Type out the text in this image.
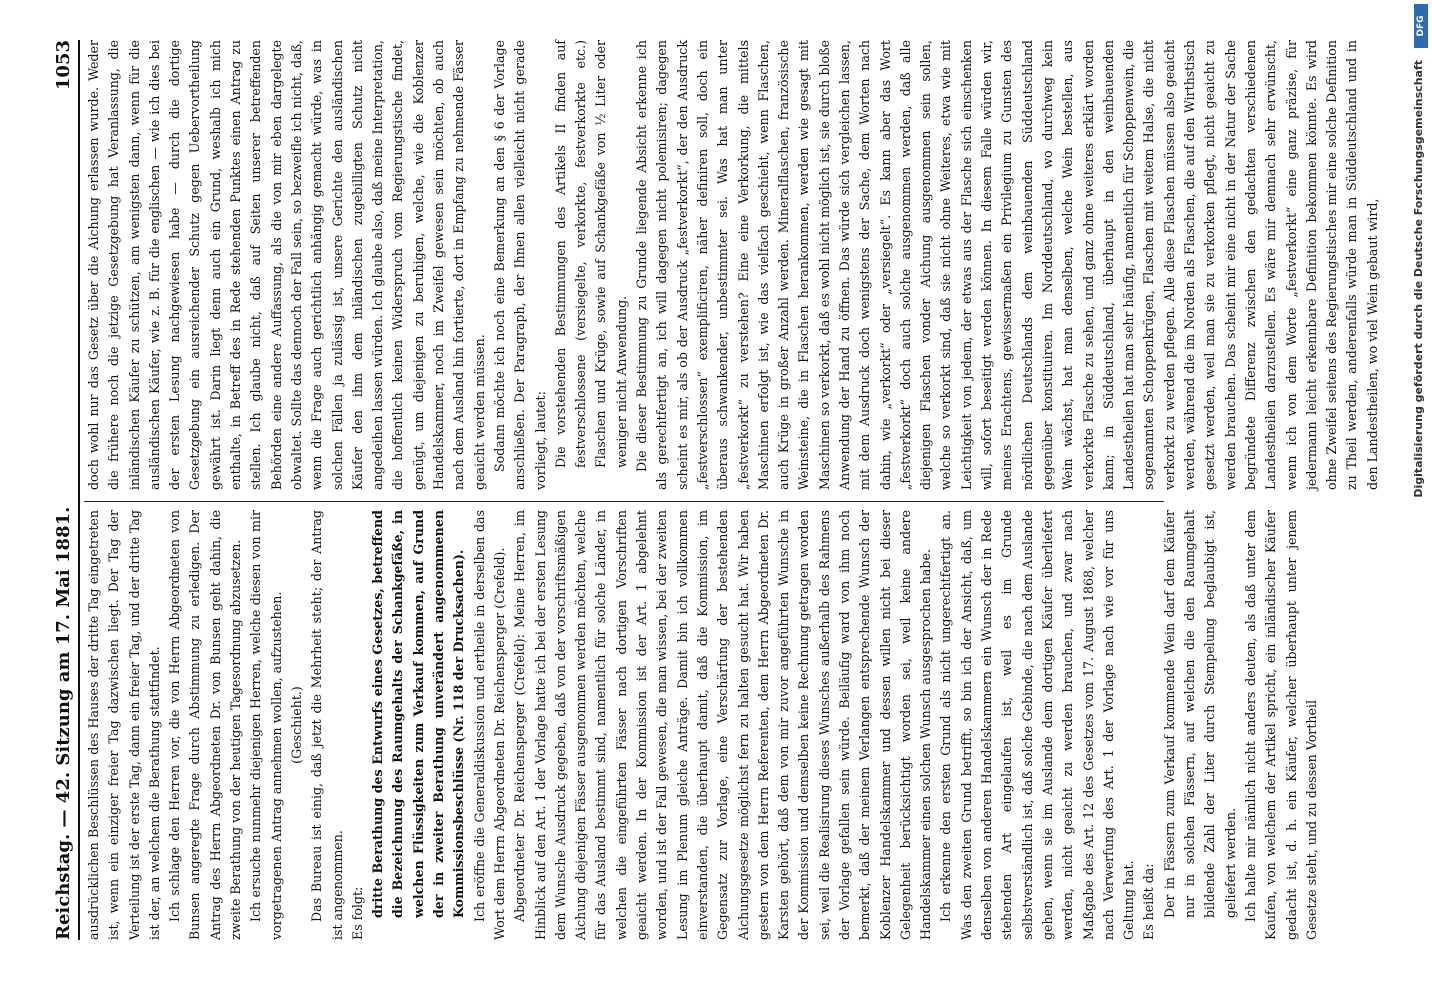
Reichstag. — 42. Sitzung am 17. Mai 1881.
1053

ausdrücklichen Beschlüssen des Hauses der dritte Tag eingetreten ist, wenn ein einziger freier Tag dazwischen liegt. Der Tag der Verteilung ist der erste Tag, dann ein freier Tag, und der dritte Tag ist der, an welchem die Berathung stattfindet. Ich schlage den Herren vor, die von Herrn Abgeordneten von Bunsen angeregte Frage durch Abstimmung zu erledigen. Der Antrag des Herrn Abgeordneten Dr. von Bunsen geht dahin, die zweite Berathung von der heutigen Tagesordnung abzusetzen. Ich ersuche nunmehr diejenigen Herren, welche diesen von mir vorgetragenen Antrag annehmen wollen, aufzustehen. (Geschieht.) Das Bureau ist einig, daß jetzt die Mehrheit steht; der Antrag ist angenommen. Es folgt: dritte Berathung des Entwurfs eines Gesetzes, betreffend die Bezeichnung des Raumgehalts der Schankgefäße, in welchen Flüssigkeiten zum Verkauf kommen, auf Grund der in zweiter Berathung unverändert angenommenen Kommissionsbeschlüsse (Nr. 118 der Drucksachen). Ich eröffne die Generaldiskussion und ertheile in derselben das Wort dem Herrn Abgeordneten Dr. Reichensperger (Crefeld). Abgeordneter Dr. Reichensperger (Crefeld): Meine Herren, im Hinblick auf den Art. 1 der Vorlage hatte ich bei der ersten Lesung dem Wunsche Ausdruck gegeben, daß von der vorschriftsmäßigen Aichung diejenigen Fässer ausgenommen werden möchten, welche für das Ausland bestimmt sind, namentlich für solche Länder, in welchen die eingeführten Fässer nach dortigen Vorschriften geaicht werden. In der Kommission ist der Art. 1 abgelehnt worden, und ist der Fall gewesen, die man wissen, bei der zweiten Lesung im Plenum gleiche Anträge. Damit bin ich vollkommen einverstanden, die überhaupt damit, daß die Kommission, im Gegensatz zur Vorlage, eine Verschärfung der bestehenden Aichungsgesetze möglichst fern zu halten gesucht hat. Wir haben gestern von dem Herrn Referenten, dem Herrn Abgeordneten Dr. Karsten gehört, daß dem von mir zuvor angeführten Wunsche in der Kommission und demselben keine Rechnung getragen worden sei, weil die Realisirung dieses Wunsches außerhalb des Rahmens der Vorlage gefallen sein würde. Beiläufig ward von ihm noch bemerkt, daß der meinem Verlangen entsprechende Wunsch der Koblenzer Handelskammer und dessen willen nicht bei dieser Gelegenheit berücksichtigt worden sei, weil keine andere Handelskammer einen solchen Wunsch ausgesprochen habe. Ich erkenne den ersten Grund als nicht ungerechtfertigt an. Was den zweiten Grund betrifft, so bin ich der Ansicht, daß, um denselben von anderen Handelskammern ein Wunsch der in Rede stehenden Art eingelaufen ist, weil es im Grunde selbstverständlich ist, daß solche Gebinde, die nach dem Auslande gehen, wenn sie im Auslande dem dortigen Käufer überliefert werden, nicht geaicht zu werden brauchen, und zwar nach Maßgabe des Art. 12 des Gesetzes vom 17. August 1868, welcher nach Verwerfung des Art. 1 der Vorlage nach wie vor für uns Geltung hat. Es heißt da: Der in Fässern zum Verkauf kommende Wein darf dem Käufer nur in solchen Fässern, auf welchen die den Raumgehalt bildende Zahl der Liter durch Stempelung beglaubigt ist, geliefert werden. Ich halte mir nämlich nicht anders deuten, als daß unter dem Kaufen, von welchem der Artikel spricht, ein inländischer Käufer gedacht ist, d. h. ein Käufer, welcher überhaupt unter jenem Gesetze steht, und zu dessen Vortheil

doch wohl nur das Gesetz über die Aichung erlassen wurde. Weder die frühere noch die jetzige Gesetzgebung hat Veranlassung, die inländischen Käufer zu schützen, am wenigsten dann, wenn für die ausländischen Käufer, wie z. B. für die englischen — wie ich dies bei der ersten Lesung nachgewiesen habe — durch die dortige Gesetzgebung ein ausreichender Schutz gegen Uebervortheilung gewährt ist. Darin liegt denn auch ein Grund, weshalb ich mich enthalte, in Betreff des in Rede stehenden Punktes einen Antrag zu stellen. Ich glaube nicht, daß auf Seiten unserer betreffenden Behörden eine andere Auffassung, als die von mir eben dargelegte obwaltet. Sollte das dennoch der Fall sein, so bezweifle ich nicht, daß, wenn die Frage auch gerichtlich anhängig gemacht würde, was in solchen Fällen ja zulässig ist, unsere Gerichte den ausländischen Käufer den ihm dem inländischen zugebilligten Schutz nicht angedeihen lassen würden. Ich glaube also, daß meine Interpretation, die hoffentlich keinen Widerspruch vom Regierungstische findet, genügt, um diejenigen zu beruhigen, welche, wie die Koblenzer Handelskammer, noch im Zweifel gewesen sein möchten, ob auch nach dem Ausland hin fortierte, dort in Empfang zu nehmende Fässer geaicht werden müssen. Sodann möchte ich noch eine Bemerkung an den § 6 der Vorlage anschließen. Der Paragraph, der Ihnen allen vielleicht nicht gerade vorliegt, lautet: Die vorstehenden Bestimmungen des Artikels II finden auf festverschlossene (versiegelte, verkorkte, festverkorkte etc.) Flaschen und Krüge, sowie auf Schankgefäße von ½ Liter oder weniger nicht Anwendung. Die dieser Bestimmung zu Grunde liegende Absicht erkenne ich als gerechtfertigt an, ich will dagegen nicht polemisiren; dagegen scheint es mir, als ob der Ausdruck „festverkorkt“, der den Ausdruck „festverschlossen“ exemplificiren, näher definiren soll, doch ein überaus schwankender, unbestimmter sei. Was hat man unter „festverkorkt“ zu verstehen? Eine eine Verkorkung, die mittels Maschinen erfolgt ist, wie das vielfach geschieht, wenn Flaschen, auch Krüge in großer Anzahl werden. Mineralflaschen, französische Weinsteine, die in Flaschen herankommen, werden wie gesagt mit Maschinen so verkorkt, daß es wohl nicht möglich ist, sie durch bloße Anwendung der Hand zu öffnen. Das würde sich vergleichen lassen, mit dem Ausdruck doch wenigstens der Sache, dem Worten nach dahin, wie „verkorkt“ oder „versiegelt“. Es kann aber das Wort „festverkorkt“ doch auch solche ausgenommen werden, daß alle diejenigen Flaschen vonder Aichung ausgenommen sein sollen, welche so verkorkt sind, daß sie nicht ohne Weiteres, etwa wie mit Leichtigkeit von jedem, der etwas aus der Flasche sich einschenken will, sofort beseitigt werden können. In diesem Falle würden wir, meines Erachtens, gewissermaßen ein Privilegium zu Gunsten des nördlichen Deutschlands dem weinbauenden Süddeutschland gegenüber konstituiren. Im Norddeutschland, wo durchweg kein Wein wächst, hat man denselben, welche Wein bestellen, aus verkorkte Flasche zu sehen, und ganz ohne weiteres erklärt worden kann; in Süddeutschland, überhaupt in den weinbauenden Landestheilen hat man sehr häufig, namentlich für Schoppenwein, die sogenannten Schoppenkrügen, Flaschen mit weitem Halse, die nicht verkorkt zu werden pflegen. Alle diese Flaschen müssen also geaicht werden, während die im Norden als Flaschen, die auf den Wirthstisch gesetzt werden, weil man sie zu verkorken pflegt, nicht geaicht zu werden brauchen. Das scheint mir eine nicht in der Natur der Sache begründete Differenz zwischen den gedachten verschiedenen Landestheilen darzustellen. Es wäre mir demnach sehr erwünscht, wenn ich von dem Worte „festverkorkt“ eine ganz präzise, für jedermann leicht erkennbare Definition bekommen könnte. Es wird ohne Zweifel seitens des Regierungstisches mir eine solche Definition zu Theil werden, anderenfalls würde man in Süddeutschland und in den Landestheilen, wo viel Wein gebaut wird,	Digitalisierung gefördert durch die Deutsche Forschungsgemeinschaft
DFG
